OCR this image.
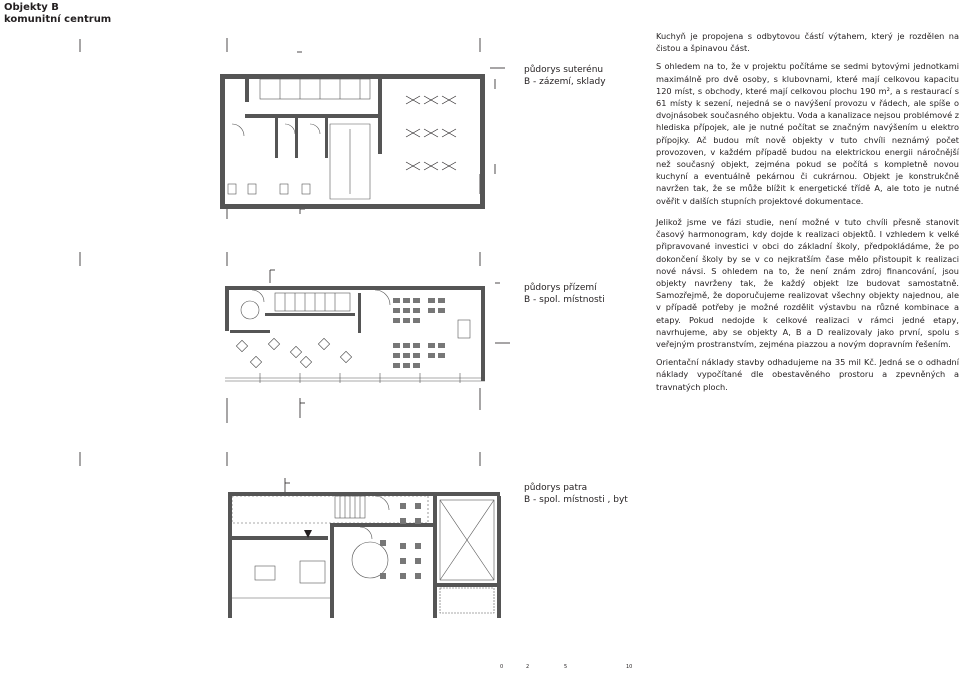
Objekty B
komunitní centrum
půdorys suterénu
B - zázemí, sklady
půdorys přízemí
B - spol. místnosti
půdorys patra
B - spol. místnosti , byt

Kuchyň je propojena s odbytovou částí výtahem, který je rozdělen na čistou a špinavou část.

S ohledem na to, že v projektu počítáme se sedmi bytovými jednotkami maximálně pro dvě osoby, s klubovnami, které mají celkovou kapacitu 120 míst, s obchody, které mají celkovou plochu 190 m², a s restaurací s 61 místy k sezení, nejedná se o navýšení provozu v řádech, ale spíše o dvojnásobek současného objektu. Voda a kanalizace nejsou problémové z hlediska přípojek, ale je nutné počítat se značným navýšením u elektro přípojky. Ač budou mít nově objekty v tuto chvíli neznámý počet provozoven, v každém případě budou na elektrickou energii náročnější než současný objekt, zejména pokud se počítá s kompletně novou kuchyní a eventuálně pekárnou či cukrárnou. Objekt je konstrukčně navržen tak, že se může blížit k energetické třídě A, ale toto je nutné ověřit v dalších stupních projektové dokumentace.

Jelikož jsme ve fázi studie, není možné v tuto chvíli přesně stanovit časový harmonogram, kdy dojde k realizaci objektů. I vzhledem k velké připravované investici v obci do základní školy, předpokládáme, že po dokončení školy by se v co nejkratším čase mělo přistoupit k realizaci nové návsi. S ohledem na to, že není znám zdroj financování, jsou objekty navrženy tak, že každý objekt lze budovat samostatně. Samozřejmě, že doporučujeme realizovat všechny objekty najednou, ale v případě potřeby je možné rozdělit výstavbu na různé kombinace a etapy. Pokud nedojde k celkové realizaci v rámci jedné etapy, navrhujeme, aby se objekty A, B a D realizovaly jako první, spolu s veřejným prostranstvím, zejména piazzou a novým dopravním řešením.

Orientační náklady stavby odhadujeme na 35 mil Kč. Jedná se o odhadní náklady vypočítané dle obestavěného prostoru a zpevněných a travnatých ploch.

0	2	5	10
